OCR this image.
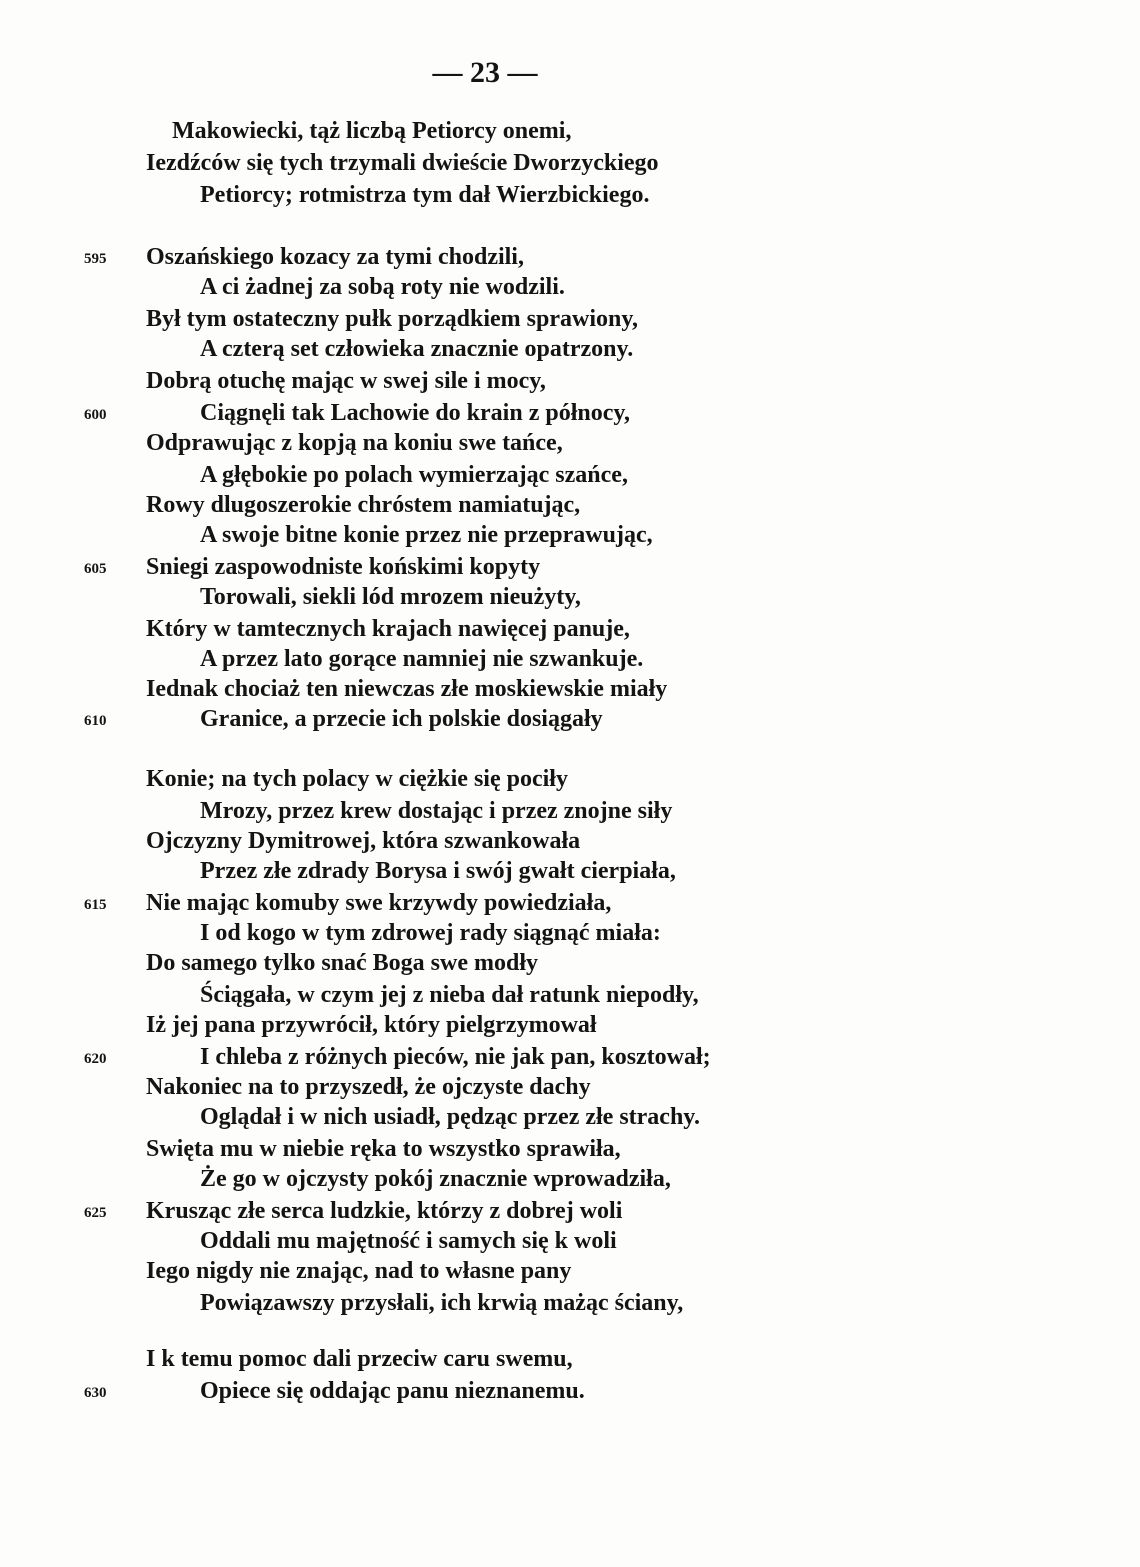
— 23 —
Makowiecki, tąż liczbą Petiorcy onemi,
Iezdźców się tych trzymali dwieście Dworzyckiego
Petiorcy; rotmistrza tym dał Wierzbickiego.
595 Oszańskiego kozacy za tymi chodzili,
A ci żadnej za sobą roty nie wodzili.
Był tym ostateczny pułk porządkiem sprawiony,
A czterą set człowieka znacznie opatrzony.
Dobrą otuchę mając w swej sile i mocy,
600	Ciągnęli tak Lachowie do krain z północy,
Odprawując z kopją na koniu swe tańce,
A głębokie po polach wymierzając szańce,
Rowy dlugoszerokie chróstem namiatując,
A swoje bitne konie przez nie przeprawując,
605 Sniegi zaspowodniste końskimi kopyty
Torowali, siekli lód mrozem nieużyty,
Który w tamtecznych krajach nawięcej panuje,
A przez lato gorące namniej nie szwankuje.
Iednak chociaż ten niewczas złe moskiewskie miały
610	Granice, a przecie ich polskie dosiągały
Konie; na tych polacy w ciężkie się pociły
Mrozy, przez krew dostając i przez znojne siły
Ojczyzny Dymitrowej, która szwankowała
Przez złe zdrady Borysa i swój gwałt cierpiała,
615 Nie mając komuby swe krzywdy powiedziała,
I od kogo w tym zdrowej rady siągnąć miała:
Do samego tylko snać Boga swe modły
Ściągała, w czym jej z nieba dał ratunk niepodły,
Iż jej pana przywrócił, który pielgrzymował
620	I chleba z różnych pieców, nie jak pan, kosztował;
Nakoniec na to przyszedł, że ojczyste dachy
Oglądał i w nich usiadł, pędząc przez złe strachy.
Swięta mu w niebie ręka to wszystko sprawiła,
Że go w ojczysty pokój znacznie wprowadziła,
625 Krusząc złe serca ludzkie, którzy z dobrej woli
Oddali mu majętność i samych się k woli
Iego nigdy nie znając, nad to własne pany
Powiązawszy przysłali, ich krwią mażąc ściany,
I k temu pomoc dali przeciw caru swemu,
630	Opiece się oddając panu nieznanemu.
